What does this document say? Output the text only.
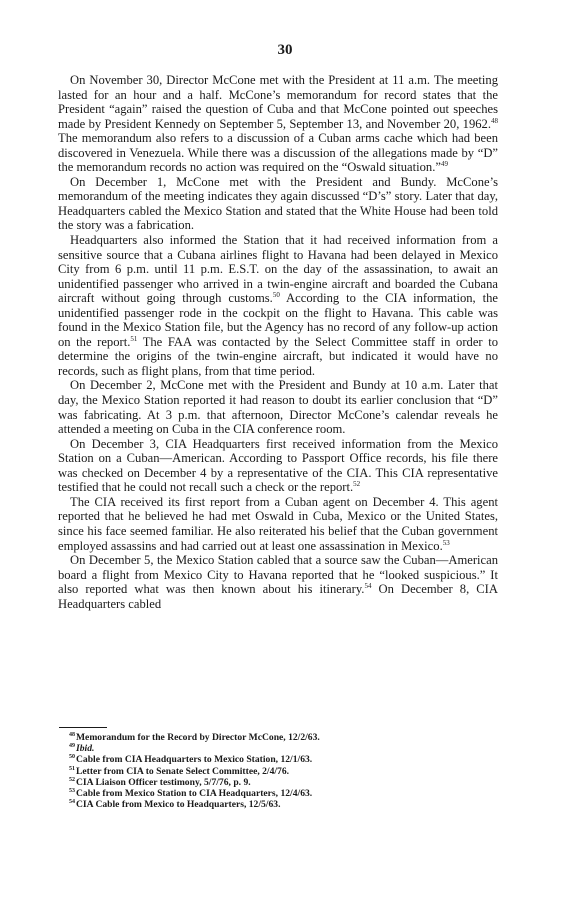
30

On November 30, Director McCone met with the President at 11 a.m. The meeting lasted for an hour and a half. McCone’s memorandum for record states that the President “again” raised the question of Cuba and that McCone pointed out speeches made by President Kennedy on September 5, September 13, and November 20, 1962.48 The memorandum also refers to a discussion of a Cuban arms cache which had been discovered in Venezuela. While there was a discussion of the allegations made by “D” the memorandum records no action was required on the “Oswald situation.”$^{49}$

On December 1, McCone met with the President and Bundy. McCone’s memorandum of the meeting indicates they again discussed “D’s” story. Later that day, Headquarters cabled the Mexico Station and stated that the White House had been told the story was a fabrication.

Headquarters also informed the Station that it had received information from a sensitive source that a Cubana airlines flight to Havana had been delayed in Mexico City from 6 p.m. until 11 p.m. E.S.T. on the day of the assassination, to await an unidentified passenger who arrived in a twin-engine aircraft and boarded the Cubana aircraft without going through customs.$^{50}$ According to the CIA information, the unidentified passenger rode in the cockpit on the flight to Havana. This cable was found in the Mexico Station file, but the Agency has no record of any follow-up action on the report.$^{51}$ The FAA was contacted by the Select Committee staff in order to determine the origins of the twin-engine aircraft, but indicated it would have no records, such as flight plans, from that time period.

On December 2, McCone met with the President and Bundy at 10 a.m. Later that day, the Mexico Station reported it had reason to doubt its earlier conclusion that “D” was fabricating. At 3 p.m. that afternoon, Director McCone’s calendar reveals he attended a meeting on Cuba in the CIA conference room.

On December 3, CIA Headquarters first received information from the Mexico Station on a Cuban—American. According to Passport Office records, his file there was checked on December 4 by a representative of the CIA. This CIA representative testified that he could not recall such a check or the report.$^{52}$

The CIA received its first report from a Cuban agent on December 4. This agent reported that he believed he had met Oswald in Cuba, Mexico or the United States, since his face seemed familiar. He also reiterated his belief that the Cuban government employed assassins and had carried out at least one assassination in Mexico.$^{53}$

On December 5, the Mexico Station cabled that a source saw the Cuban—American board a flight from Mexico City to Havana reported that he “looked suspicious.” It also reported what was then known about his itinerary.$^{54}$ On December 8, CIA Headquarters cabled

$^{48}$Memorandum for the Record by Director McCone, 12/2/63.
$^{49}$Ibid.
$^{50}$Cable from CIA Headquarters to Mexico Station, 12/1/63.
$^{51}$Letter from CIA to Senate Select Committee, 2/4/76.
$^{52}$CIA Liaison Officer testimony, 5/7/76, p. 9.
$^{53}$Cable from Mexico Station to CIA Headquarters, 12/4/63.
$^{54}$CIA Cable from Mexico to Headquarters, 12/5/63.
